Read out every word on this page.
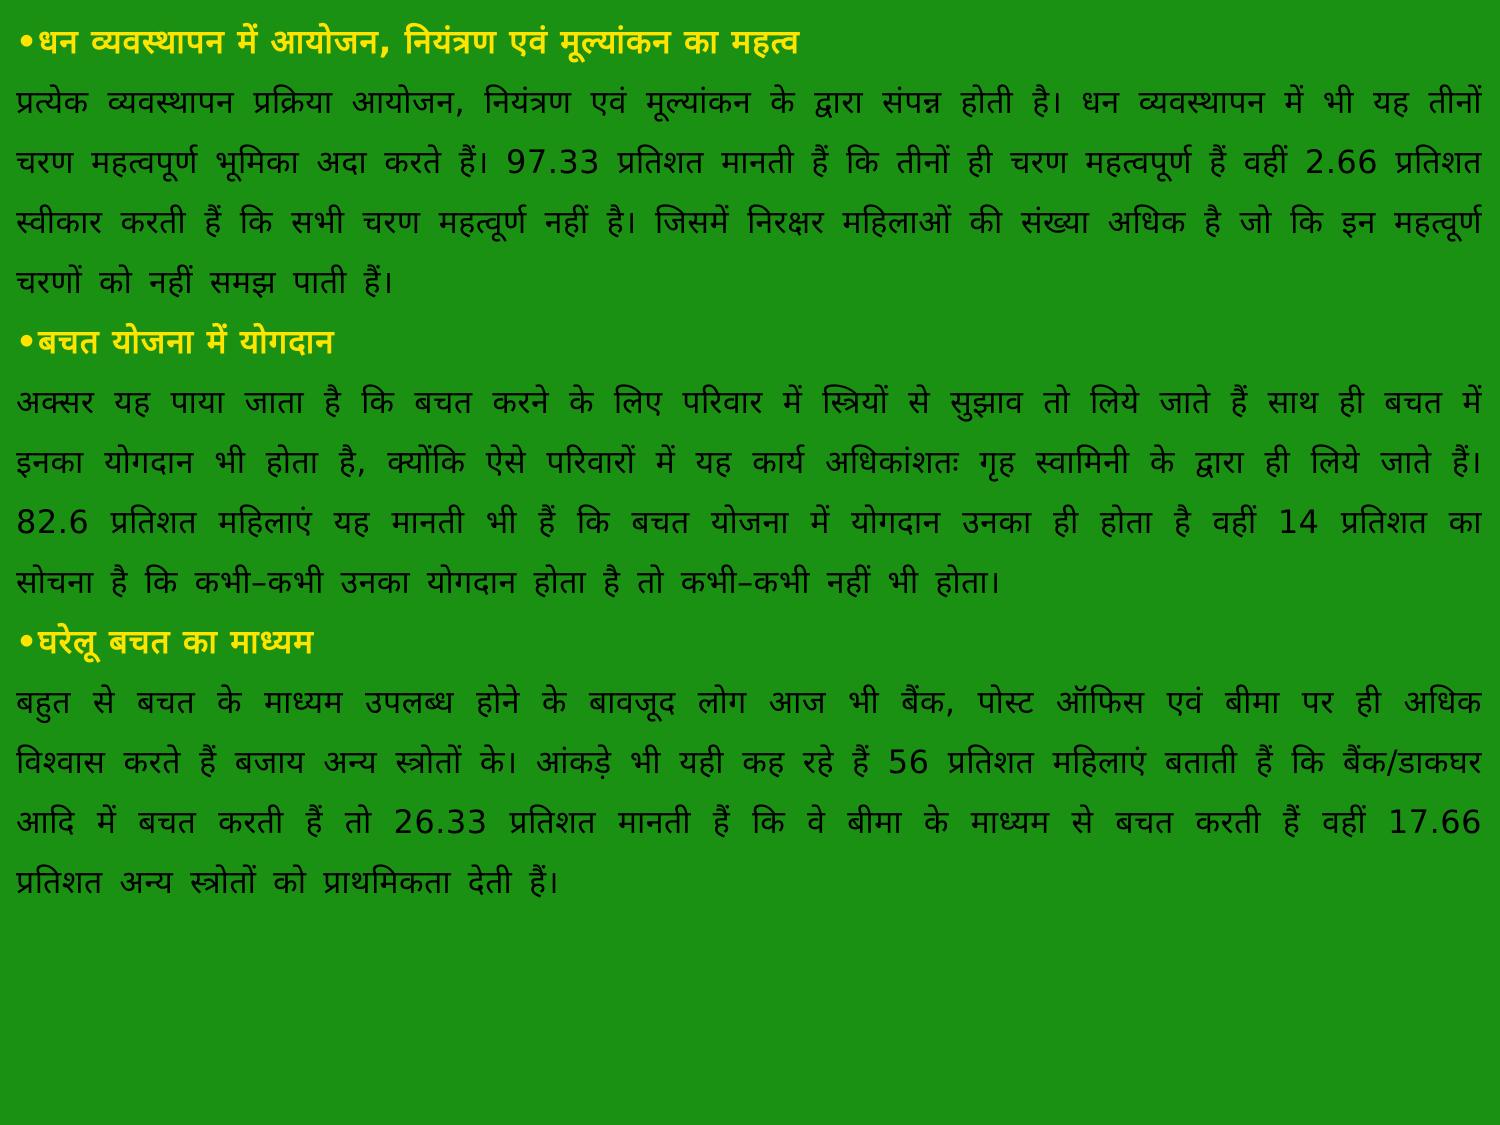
•धन व्यवस्थापन में आयोजन, नियंत्रण एवं मूल्यांकन का महत्व
प्रत्येक व्यवस्थापन प्रक्रिया आयोजन, नियंत्रण एवं मूल्यांकन के द्वारा संपन्न होती है। धन व्यवस्थापन में भी यह तीनों चरण महत्वपूर्ण भूमिका अदा करते हैं। 97.33 प्रतिशत मानती हैं कि तीनों ही चरण महत्वपूर्ण हैं वहीं 2.66 प्रतिशत स्वीकार करती हैं कि सभी चरण महत्वूर्ण नहीं है। जिसमें निरक्षर महिलाओं की संख्या अधिक है जो कि इन महत्वूर्ण चरणों को नहीं समझ पाती हैं।
•बचत योजना में योगदान
अक्सर यह पाया जाता है कि बचत करने के लिए परिवार में स्त्रियों से सुझाव तो लिये जाते हैं साथ ही बचत में इनका योगदान भी होता है, क्योंकि ऐसे परिवारों में यह कार्य अधिकांशतः गृह स्वामिनी के द्वारा ही लिये जाते हैं। 82.6 प्रतिशत महिलाएं यह मानती भी हैं कि बचत योजना में योगदान उनका ही होता है वहीं 14 प्रतिशत का सोचना है कि कभी–कभी उनका योगदान होता है तो कभी–कभी नहीं भी होता।
•घरेलू बचत का माध्यम
बहुत से बचत के माध्यम उपलब्ध होने के बावजूद लोग आज भी बैंक, पोस्ट ऑफिस एवं बीमा पर ही अधिक विश्वास करते हैं बजाय अन्य स्त्रोतों के। आंकड़े भी यही कह रहे हैं 56 प्रतिशत महिलाएं बताती हैं कि बैंक/डाकघर आदि में बचत करती हैं तो 26.33 प्रतिशत मानती हैं कि वे बीमा के माध्यम से बचत करती हैं वहीं 17.66 प्रतिशत अन्य स्त्रोतों को प्राथमिकता देती हैं।
